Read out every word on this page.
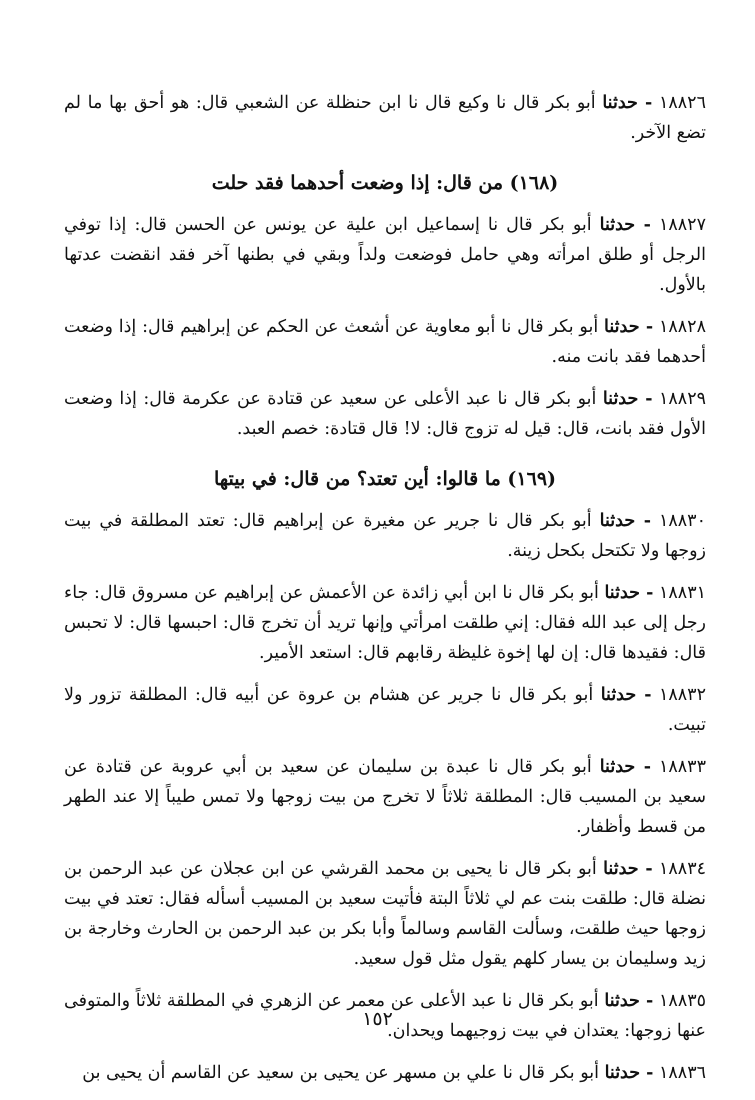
١٨٨٢٦ - حدثنا أبو بكر قال نا وكيع قال نا ابن حنظلة عن الشعبي قال: هو أحق بها ما لم تضع الآخر.

(١٦٨) من قال: إذا وضعت أحدهما فقد حلت

١٨٨٢٧ - حدثنا أبو بكر قال نا إسماعيل ابن علية عن يونس عن الحسن قال: إذا توفي الرجل أو طلق امرأته وهي حامل فوضعت ولداً وبقي في بطنها آخر فقد انقضت عدتها بالأول.

١٨٨٢٨ - حدثنا أبو بكر قال نا أبو معاوية عن أشعث عن الحكم عن إبراهيم قال: إذا وضعت أحدهما فقد بانت منه.

١٨٨٢٩ - حدثنا أبو بكر قال نا عبد الأعلى عن سعيد عن قتادة عن عكرمة قال: إذا وضعت الأول فقد بانت، قال: قيل له تزوج قال: لا! قال قتادة: خصم العبد.

(١٦٩) ما قالوا: أين تعتد؟ من قال: في بيتها

١٨٨٣٠ - حدثنا أبو بكر قال نا جرير عن مغيرة عن إبراهيم قال: تعتد المطلقة في بيت زوجها ولا تكتحل بكحل زينة.

١٨٨٣١ - حدثنا أبو بكر قال نا ابن أبي زائدة عن الأعمش عن إبراهيم عن مسروق قال: جاء رجل إلى عبد الله فقال: إني طلقت امرأتي وإنها تريد أن تخرج قال: احبسها قال: لا تحبس قال: فقيدها قال: إن لها إخوة غليظة رقابهم قال: استعد الأمير.

١٨٨٣٢ - حدثنا أبو بكر قال نا جرير عن هشام بن عروة عن أبيه قال: المطلقة تزور ولا تبيت.

١٨٨٣٣ - حدثنا أبو بكر قال نا عبدة بن سليمان عن سعيد بن أبي عروبة عن قتادة عن سعيد بن المسيب قال: المطلقة ثلاثاً لا تخرج من بيت زوجها ولا تمس طيباً إلا عند الطهر من قسط وأظفار.

١٨٨٣٤ - حدثنا أبو بكر قال نا يحيى بن محمد القرشي عن ابن عجلان عن عبد الرحمن بن نضلة قال: طلقت بنت عم لي ثلاثاً البتة فأتيت سعيد بن المسيب أسأله فقال: تعتد في بيت زوجها حيث طلقت، وسألت القاسم وسالماً وأبا بكر بن عبد الرحمن بن الحارث وخارجة بن زيد وسليمان بن يسار كلهم يقول مثل قول سعيد.

١٨٨٣٥ - حدثنا أبو بكر قال نا عبد الأعلى عن معمر عن الزهري في المطلقة ثلاثاً والمتوفى عنها زوجها: يعتدان في بيت زوجيهما ويحدان.

١٨٨٣٦ - حدثنا أبو بكر قال نا علي بن مسهر عن يحيى بن سعيد عن القاسم أن يحيى بن

١٥٢
